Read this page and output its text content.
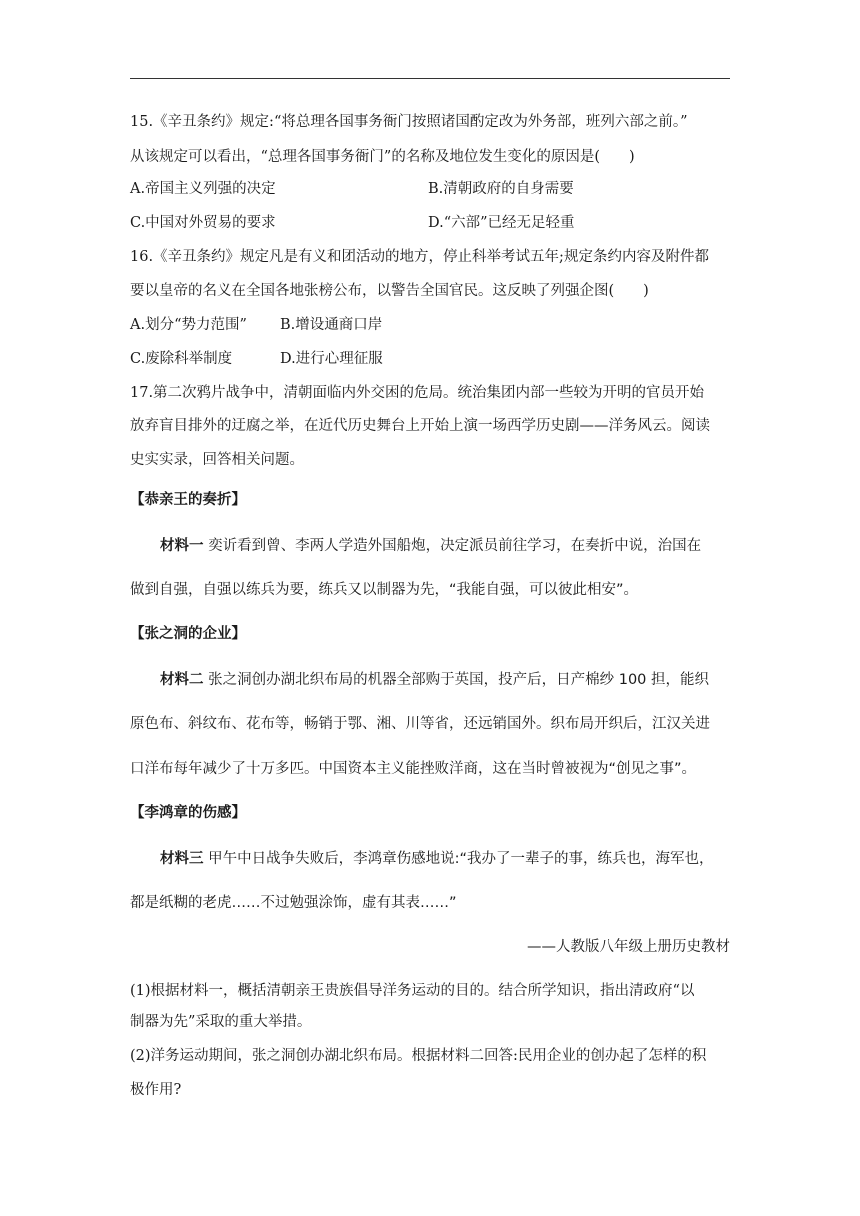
15.《辛丑条约》规定:“将总理各国事务衙门按照诸国酌定改为外务部，班列六部之前。”
从该规定可以看出，“总理各国事务衙门”的名称及地位发生变化的原因是(　　)
A.帝国主义列强的决定	B.清朝政府的自身需要
C.中国对外贸易的要求	D.“六部”已经无足轻重
16.《辛丑条约》规定凡是有义和团活动的地方，停止科举考试五年;规定条约内容及附件都
要以皇帝的名义在全国各地张榜公布，以警告全国官民。这反映了列强企图(　　)
A.划分“势力范围” B.增设通商口岸
C.废除科举制度	D.进行心理征服
17.第二次鸦片战争中，清朝面临内外交困的危局。统治集团内部一些较为开明的官员开始
放弃盲目排外的迂腐之举，在近代历史舞台上开始上演一场西学历史剧——洋务风云。阅读
史实实录，回答相关问题。
【恭亲王的奏折】
材料一 奕䜣看到曾、李两人学造外国船炮，决定派员前往学习，在奏折中说，治国在
做到自强，自强以练兵为要，练兵又以制器为先，“我能自强，可以彼此相安”。
【张之洞的企业】
材料二 张之洞创办湖北织布局的机器全部购于英国，投产后，日产棉纱 100 担，能织
原色布、斜纹布、花布等，畅销于鄂、湘、川等省，还远销国外。织布局开织后，江汉关进
口洋布每年减少了十万多匹。中国资本主义能挫败洋商，这在当时曾被视为“创见之事”。
【李鸿章的伤感】
材料三 甲午中日战争失败后，李鸿章伤感地说:“我办了一辈子的事，练兵也，海军也，
都是纸糊的老虎……不过勉强涂饰，虚有其表……”
——人教版八年级上册历史教材
(1)根据材料一，概括清朝亲王贵族倡导洋务运动的目的。结合所学知识，指出清政府“以
制器为先”采取的重大举措。
(2)洋务运动期间，张之洞创办湖北织布局。根据材料二回答:民用企业的创办起了怎样的积
极作用?
